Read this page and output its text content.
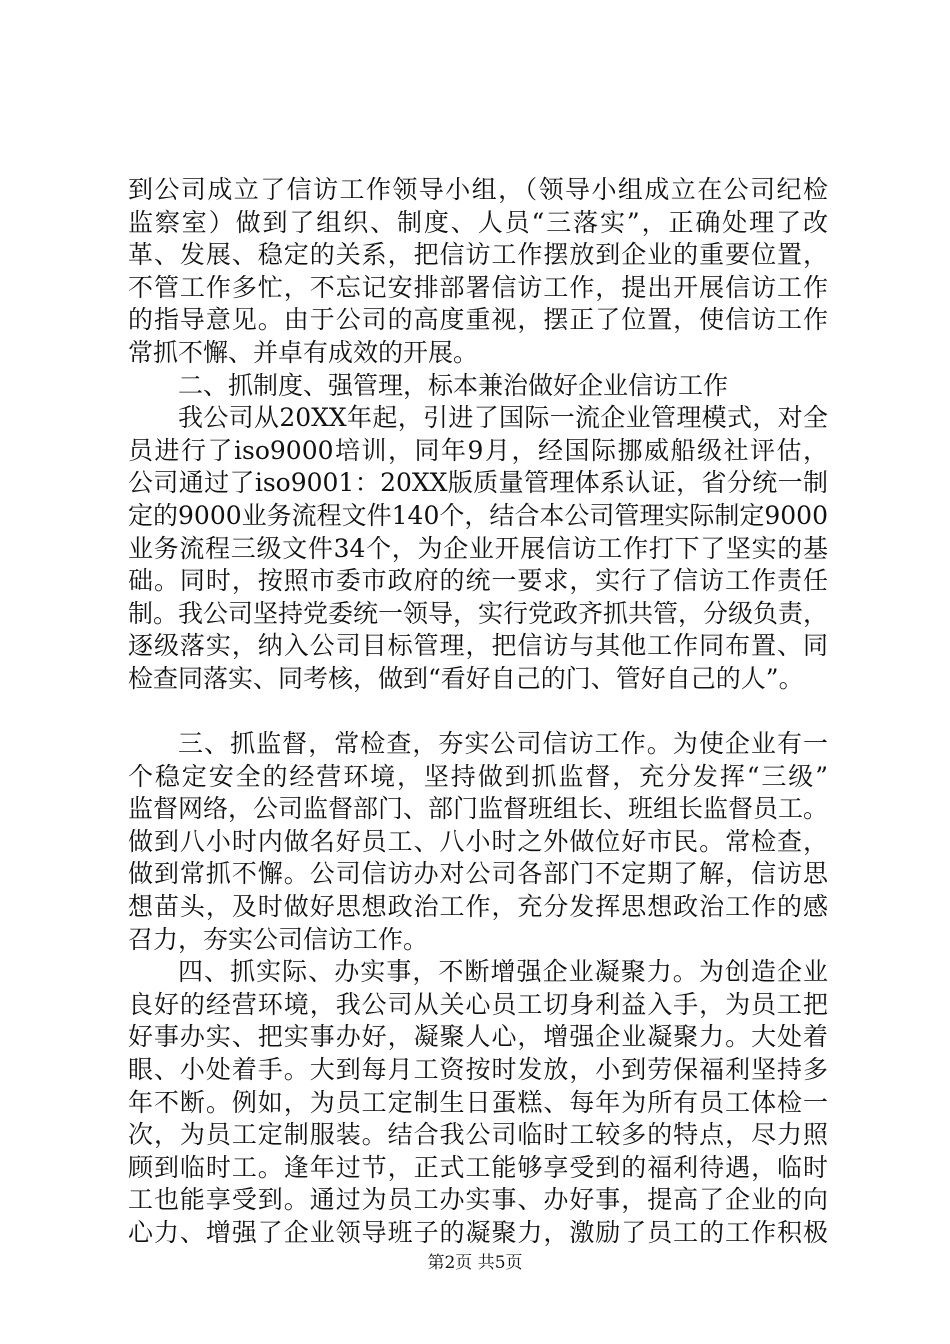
到公司成立了信访工作领导小组，（领导小组成立在公司纪检
监察室）做到了组织、制度、人员“三落实”，正确处理了改
革、发展、稳定的关系，把信访工作摆放到企业的重要位置，
不管工作多忙，不忘记安排部署信访工作，提出开展信访工作
的指导意见。由于公司的高度重视，摆正了位置，使信访工作
常抓不懈、并卓有成效的开展。
二、抓制度、强管理，标本兼治做好企业信访工作
我公司从20XX年起，引进了国际一流企业管理模式，对全
员进行了iso9000培训，同年9月，经国际挪威船级社评估，
公司通过了iso9001：20XX版质量管理体系认证，省分统一制
定的9000业务流程文件140个，结合本公司管理实际制定9000
业务流程三级文件34个，为企业开展信访工作打下了坚实的基
础。同时，按照市委市政府的统一要求，实行了信访工作责任
制。我公司坚持党委统一领导，实行党政齐抓共管，分级负责，
逐级落实，纳入公司目标管理，把信访与其他工作同布置、同
检查同落实、同考核，做到“看好自己的门、管好自己的人”。
三、抓监督，常检查，夯实公司信访工作。为使企业有一
个稳定安全的经营环境，坚持做到抓监督，充分发挥“三级”
监督网络，公司监督部门、部门监督班组长、班组长监督员工。
做到八小时内做名好员工、八小时之外做位好市民。常检查，
做到常抓不懈。公司信访办对公司各部门不定期了解，信访思
想苗头，及时做好思想政治工作，充分发挥思想政治工作的感
召力，夯实公司信访工作。
四、抓实际、办实事，不断增强企业凝聚力。为创造企业
良好的经营环境，我公司从关心员工切身利益入手，为员工把
好事办实、把实事办好，凝聚人心，增强企业凝聚力。大处着
眼、小处着手。大到每月工资按时发放，小到劳保福利坚持多
年不断。例如，为员工定制生日蛋糕、每年为所有员工体检一
次，为员工定制服装。结合我公司临时工较多的特点，尽力照
顾到临时工。逢年过节，正式工能够享受到的福利待遇，临时
工也能享受到。通过为员工办实事、办好事，提高了企业的向
心力、增强了企业领导班子的凝聚力，激励了员工的工作积极
第2页 共5页
